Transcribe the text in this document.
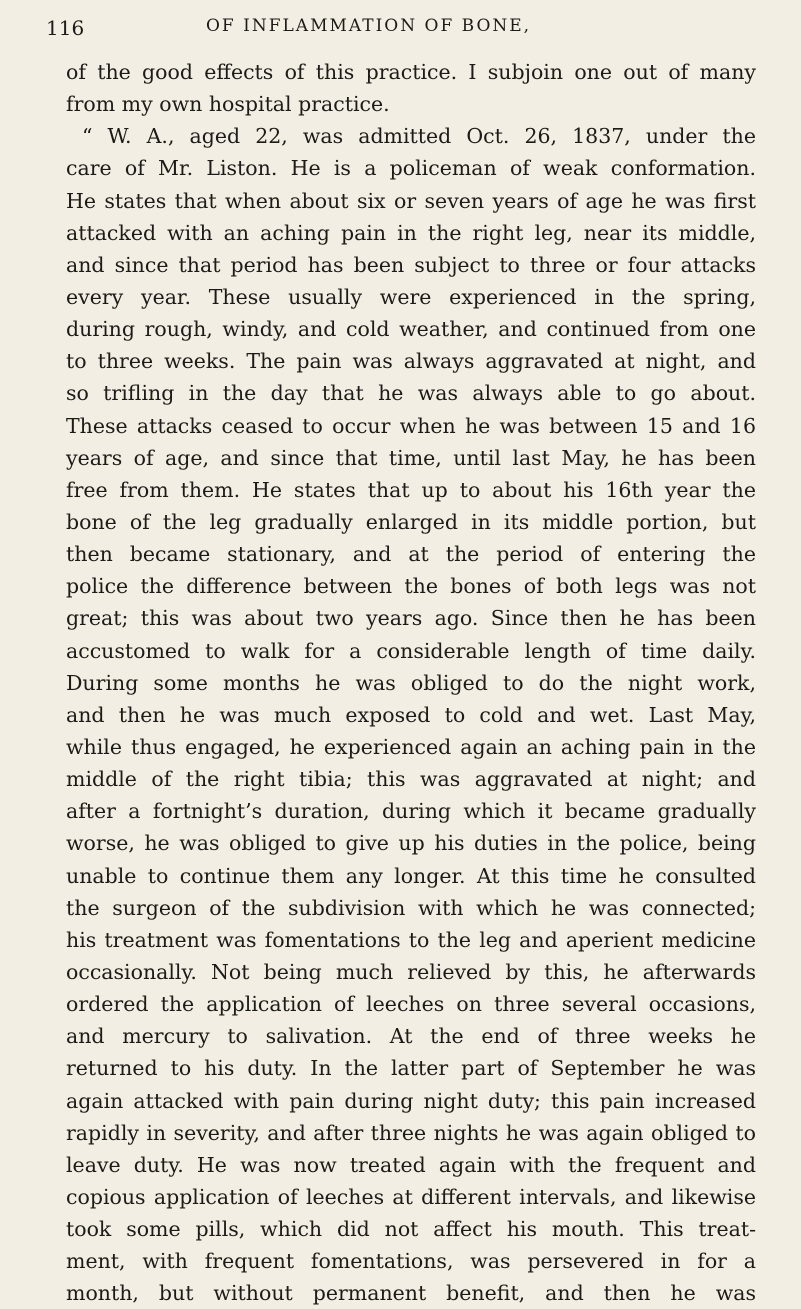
116	OF INFLAMMATION OF BONE,
of the good effects of this practice. I subjoin one out of many
from my own hospital practice.
“ W. A., aged 22, was admitted Oct. 26, 1837, under the
care of Mr. Liston. He is a policeman of weak conformation.
He states that when about six or seven years of age he was first
attacked with an aching pain in the right leg, near its middle,
and since that period has been subject to three or four attacks
every year. These usually were experienced in the spring,
during rough, windy, and cold weather, and continued from one
to three weeks. The pain was always aggravated at night, and
so trifling in the day that he was always able to go about.
These attacks ceased to occur when he was between 15 and 16
years of age, and since that time, until last May, he has been
free from them. He states that up to about his 16th year the
bone of the leg gradually enlarged in its middle portion, but
then became stationary, and at the period of entering the
police the difference between the bones of both legs was not
great; this was about two years ago. Since then he has been
accustomed to walk for a considerable length of time daily.
During some months he was obliged to do the night work,
and then he was much exposed to cold and wet. Last May,
while thus engaged, he experienced again an aching pain in the
middle of the right tibia; this was aggravated at night; and
after a fortnight’s duration, during which it became gradually
worse, he was obliged to give up his duties in the police, being
unable to continue them any longer. At this time he consulted
the surgeon of the subdivision with which he was connected;
his treatment was fomentations to the leg and aperient medicine
occasionally. Not being much relieved by this, he afterwards
ordered the application of leeches on three several occasions,
and mercury to salivation. At the end of three weeks he
returned to his duty. In the latter part of September he was
again attacked with pain during night duty; this pain increased
rapidly in severity, and after three nights he was again obliged to
leave duty. He was now treated again with the frequent and
copious application of leeches at different intervals, and likewise
took some pills, which did not affect his mouth. This treat-
ment, with frequent fomentations, was persevered in for a
month, but without permanent benefit, and then he was
